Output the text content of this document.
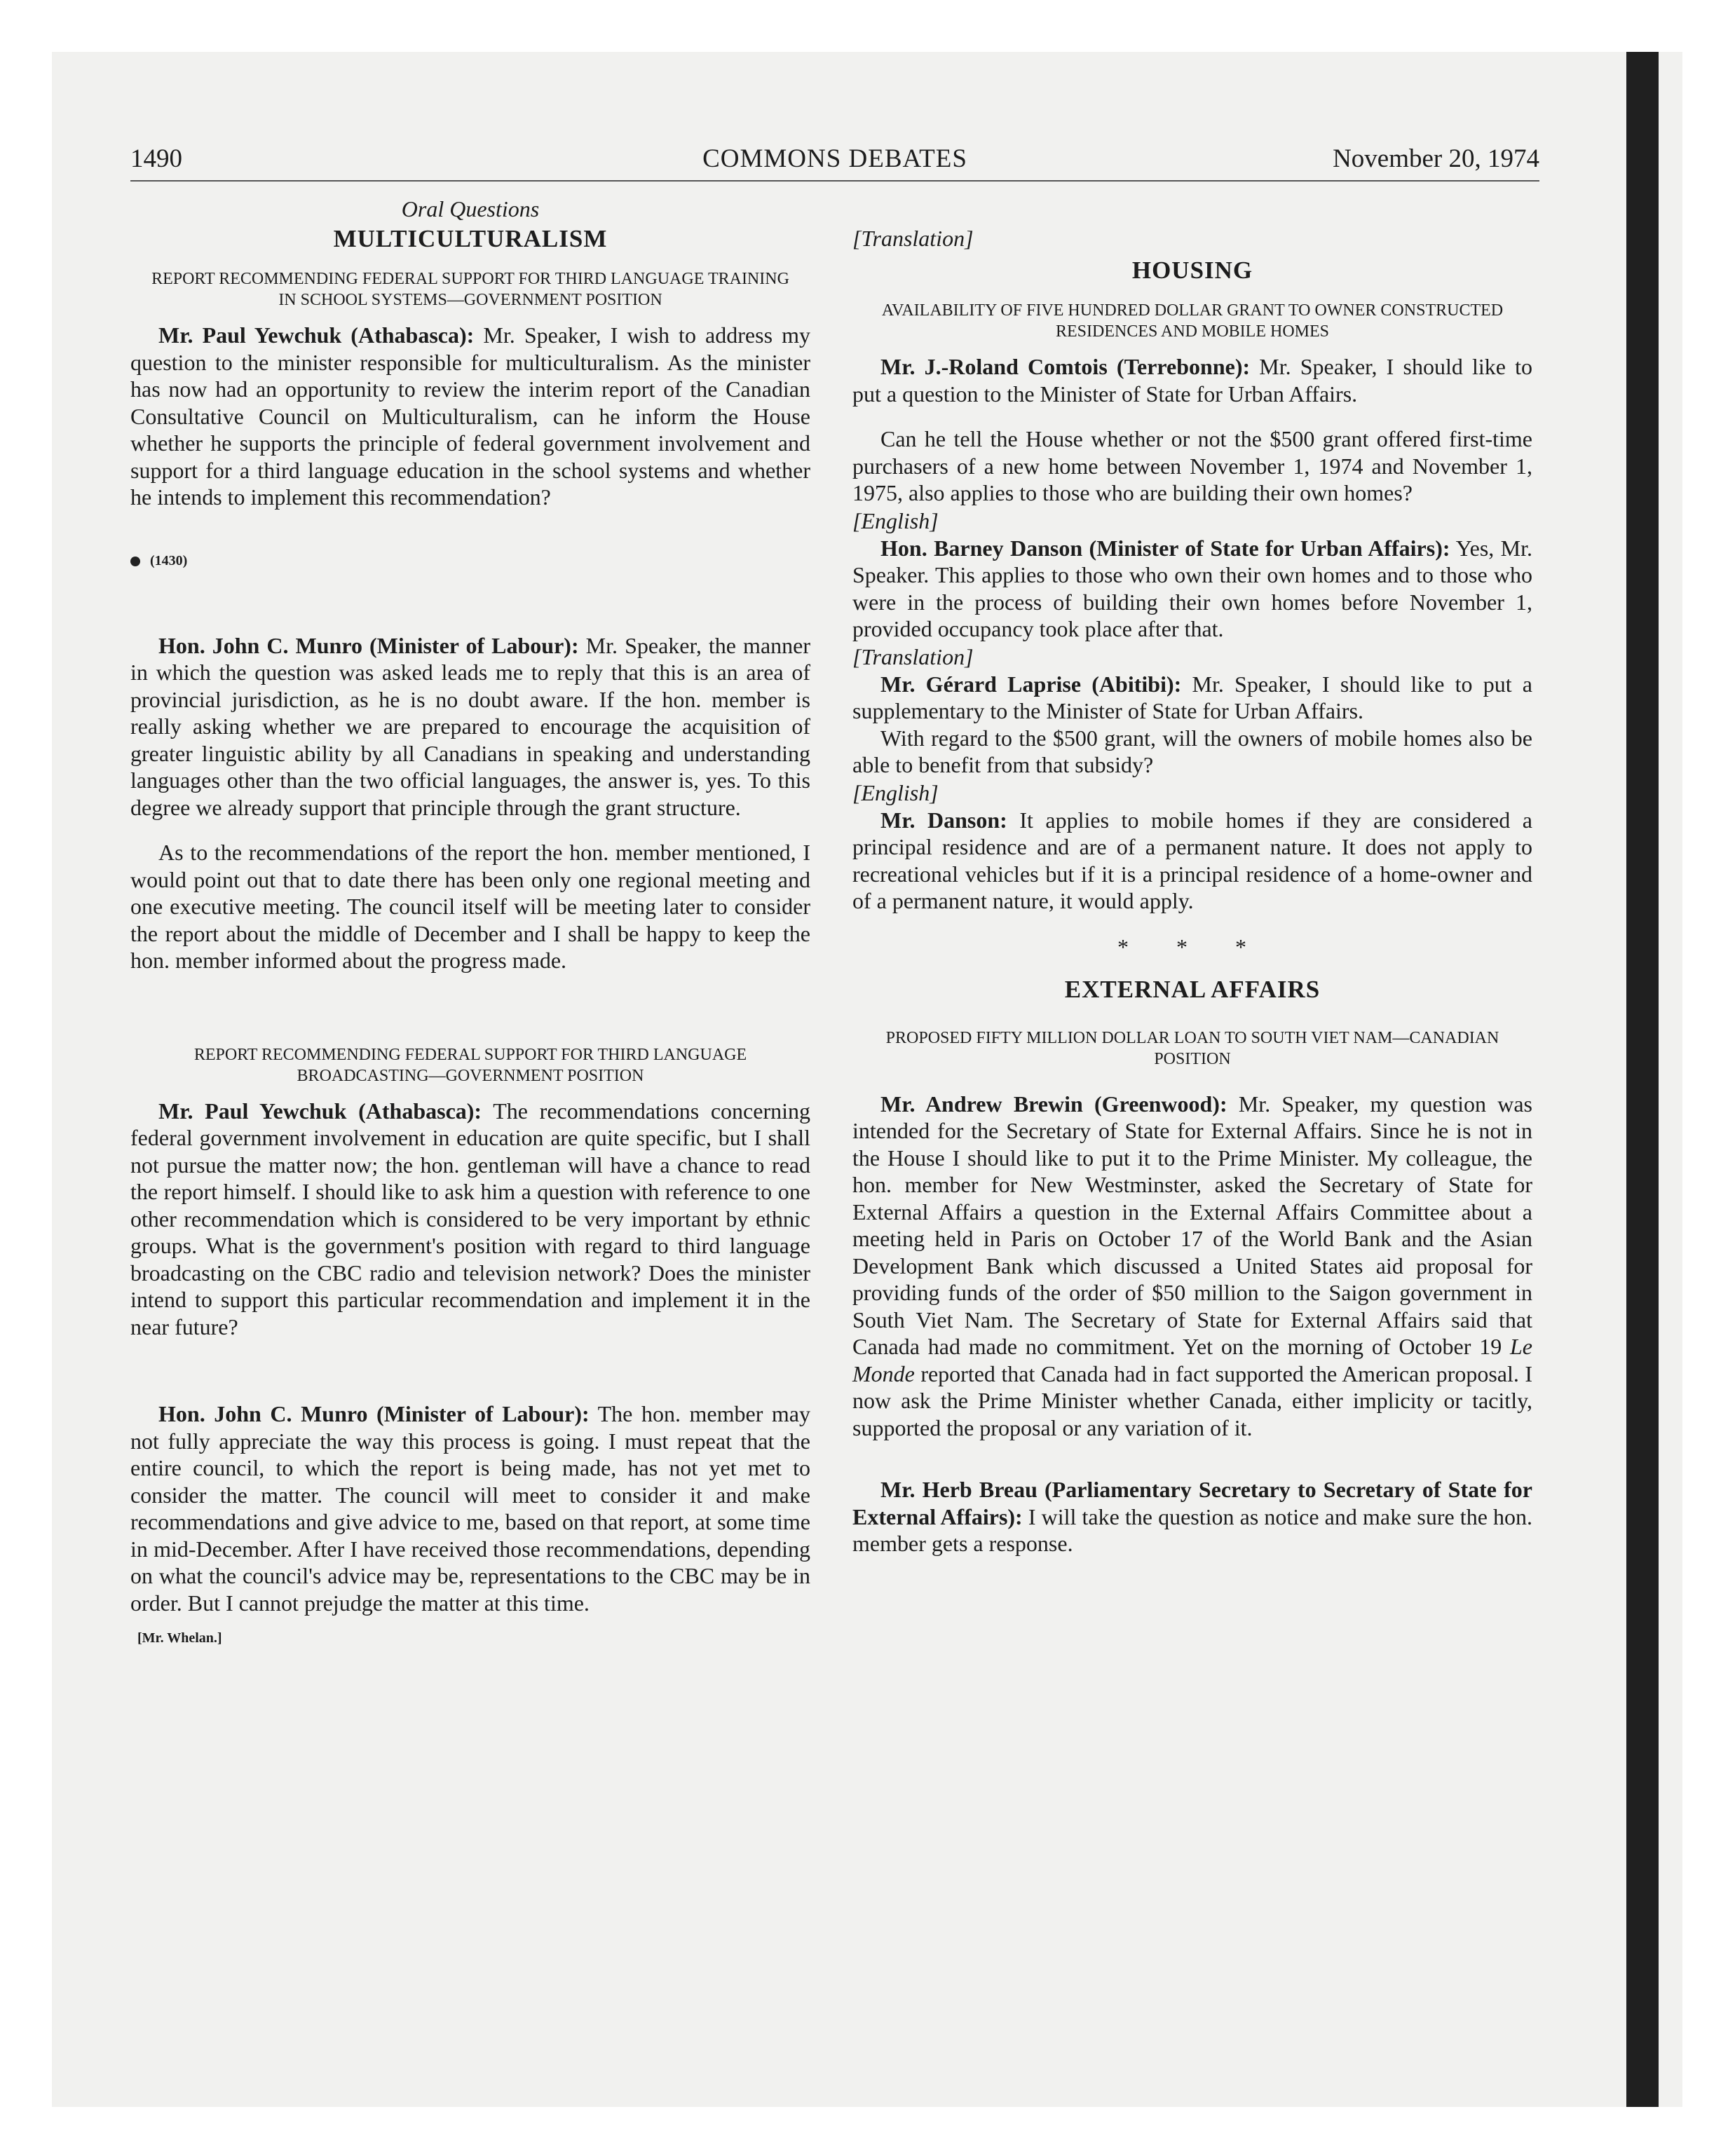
1490	COMMONS DEBATES	November 20, 1974

Oral Questions

MULTICULTURALISM

REPORT RECOMMENDING FEDERAL SUPPORT FOR THIRD LANGUAGE TRAINING IN SCHOOL SYSTEMS—GOVERNMENT POSITION

Mr. Paul Yewchuk (Athabasca): Mr. Speaker, I wish to address my question to the minister responsible for multiculturalism. As the minister has now had an opportunity to review the interim report of the Canadian Consultative Council on Multiculturalism, can he inform the House whether he supports the principle of federal government involvement and support for a third language education in the school systems and whether he intends to implement this recommendation?

(1430)

Hon. John C. Munro (Minister of Labour): Mr. Speaker, the manner in which the question was asked leads me to reply that this is an area of provincial jurisdiction, as he is no doubt aware. If the hon. member is really asking whether we are prepared to encourage the acquisition of greater linguistic ability by all Canadians in speaking and understanding languages other than the two official languages, the answer is, yes. To this degree we already support that principle through the grant structure.

As to the recommendations of the report the hon. member mentioned, I would point out that to date there has been only one regional meeting and one executive meeting. The council itself will be meeting later to consider the report about the middle of December and I shall be happy to keep the hon. member informed about the progress made.

REPORT RECOMMENDING FEDERAL SUPPORT FOR THIRD LANGUAGE BROADCASTING—GOVERNMENT POSITION

Mr. Paul Yewchuk (Athabasca): The recommendations concerning federal government involvement in education are quite specific, but I shall not pursue the matter now; the hon. gentleman will have a chance to read the report himself. I should like to ask him a question with reference to one other recommendation which is considered to be very important by ethnic groups. What is the government's position with regard to third language broadcasting on the CBC radio and television network? Does the minister intend to support this particular recommendation and implement it in the near future?

Hon. John C. Munro (Minister of Labour): The hon. member may not fully appreciate the way this process is going. I must repeat that the entire council, to which the report is being made, has not yet met to consider the matter. The council will meet to consider it and make recommendations and give advice to me, based on that report, at some time in mid-December. After I have received those recommendations, depending on what the council's advice may be, representations to the CBC may be in order. But I cannot prejudge the matter at this time.

[Mr. Whelan.]

[Translation]

HOUSING

AVAILABILITY OF FIVE HUNDRED DOLLAR GRANT TO OWNER CONSTRUCTED RESIDENCES AND MOBILE HOMES

Mr. J.-Roland Comtois (Terrebonne): Mr. Speaker, I should like to put a question to the Minister of State for Urban Affairs.

Can he tell the House whether or not the $500 grant offered first-time purchasers of a new home between November 1, 1974 and November 1, 1975, also applies to those who are building their own homes?

[English]

Hon. Barney Danson (Minister of State for Urban Affairs): Yes, Mr. Speaker. This applies to those who own their own homes and to those who were in the process of building their own homes before November 1, provided occupancy took place after that.

[Translation]

Mr. Gérard Laprise (Abitibi): Mr. Speaker, I should like to put a supplementary to the Minister of State for Urban Affairs.

With regard to the $500 grant, will the owners of mobile homes also be able to benefit from that subsidy?

[English]

Mr. Danson: It applies to mobile homes if they are considered a principal residence and are of a permanent nature. It does not apply to recreational vehicles but if it is a principal residence of a home-owner and of a permanent nature, it would apply.

* * *

EXTERNAL AFFAIRS

PROPOSED FIFTY MILLION DOLLAR LOAN TO SOUTH VIET NAM—CANADIAN POSITION

Mr. Andrew Brewin (Greenwood): Mr. Speaker, my question was intended for the Secretary of State for External Affairs. Since he is not in the House I should like to put it to the Prime Minister. My colleague, the hon. member for New Westminster, asked the Secretary of State for External Affairs a question in the External Affairs Committee about a meeting held in Paris on October 17 of the World Bank and the Asian Development Bank which discussed a United States aid proposal for providing funds of the order of $50 million to the Saigon government in South Viet Nam. The Secretary of State for External Affairs said that Canada had made no commitment. Yet on the morning of October 19 Le Monde reported that Canada had in fact supported the American proposal. I now ask the Prime Minister whether Canada, either implicity or tacitly, supported the proposal or any variation of it.

Mr. Herb Breau (Parliamentary Secretary to Secretary of State for External Affairs): I will take the question as notice and make sure the hon. member gets a response.
